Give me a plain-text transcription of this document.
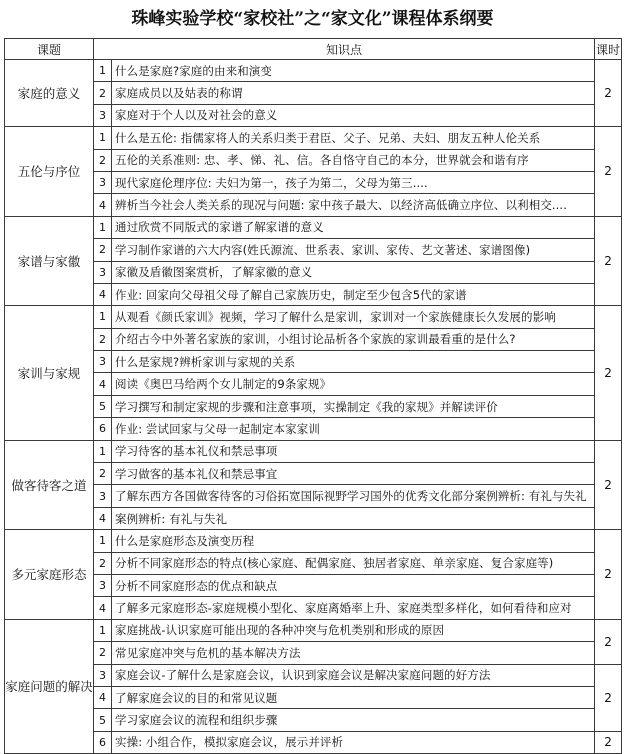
珠峰实验学校“家校社”之“家文化”课程体系纲要
课题	知识点		课时
家庭的意义	1	什么是家庭?家庭的由来和演变	2
	2	家庭成员以及姑表的称谓	
	3	家庭对于个人以及对社会的意义	
五伦与序位	1	什么是五伦: 指儒家将人的关系归类于君臣、父子、兄弟、夫妇、朋友五种人伦关系	2
	2	五伦的关系准则: 忠、孝、悌、礼、信。各自恪守自己的本分，世界就会和谐有序	
	3	现代家庭伦理序位: 夫妇为第一，孩子为第二，父母为第三....	
	4	辨析当今社会人类关系的现况与问题: 家中孩子最大、以经济高低确立序位、以利相交....	
家谱与家徽	1	通过欣赏不同版式的家谱了解家谱的意义	2
	2	学习制作家谱的六大内容(姓氏源流、世系表、家训、家传、艺文著述、家谱图像)	
	3	家徽及盾徽图案赏析，了解家徽的意义	
	4	作业: 回家向父母祖父母了解自己家族历史，制定至少包含5代的家谱	
家训与家规	1	从观看《颜氏家训》视频，学习了解什么是家训，家训对一个家族健康长久发展的影响	2
	2	介绍古今中外著名家族的家训，小组讨论品析各个家族的家训最看重的是什么?	
	3	什么是家规?辨析家训与家规的关系	
	4	阅读《奥巴马给两个女儿制定的9条家规》	
	5	学习撰写和制定家规的步骤和注意事项，实操制定《我的家规》并解读评价	
	6	作业: 尝试回家与父母一起制定本家家训	
做客待客之道	1	学习待客的基本礼仪和禁忌事项	2
	2	学习做客的基本礼仪和禁忌事宜	
	3	了解东西方各国做客待客的习俗拓宽国际视野学习国外的优秀文化部分案例辨析: 有礼与失礼	
	4	案例辨析: 有礼与失礼	
多元家庭形态	1	什么是家庭形态及演变历程	2
	2	分析不同家庭形态的特点(核心家庭、配偶家庭、独居者家庭、单亲家庭、复合家庭等)	
	3	分析不同家庭形态的优点和缺点	
	4	了解多元家庭形态-家庭规模小型化、家庭离婚率上升、家庭类型多样化，如何看待和应对	
家庭问题的解决	1	家庭挑战-认识家庭可能出现的各种冲突与危机类别和形成的原因	2
	2	常见家庭冲突与危机的基本解决方法	
	3	家庭会议-了解什么是家庭会议，认识到家庭会议是解决家庭问题的好方法	2
	4	了解家庭会议的目的和常见议题	
	5	学习家庭会议的流程和组织步骤	
	6	实操: 小组合作，模拟家庭会议，展示并评析	2
